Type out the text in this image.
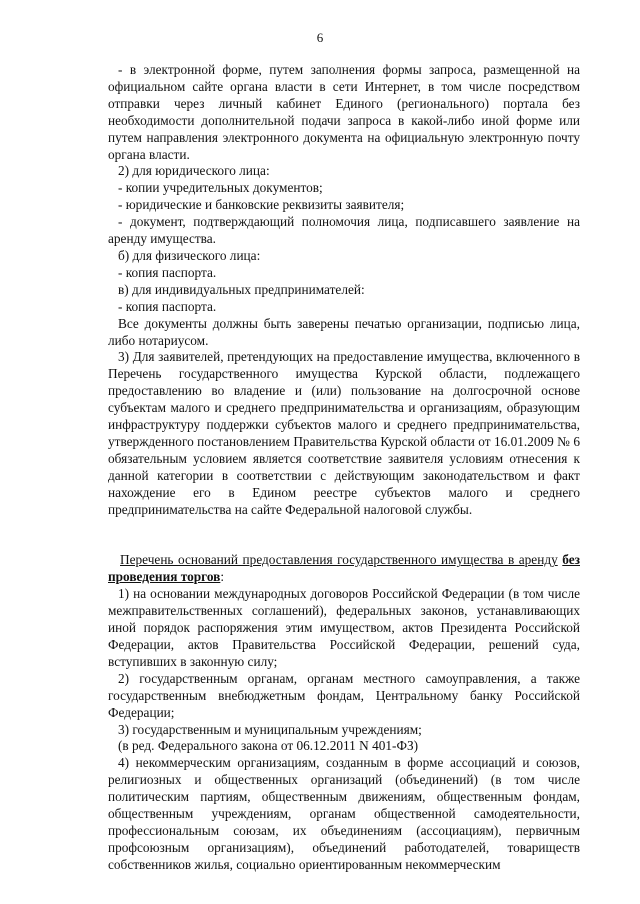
6

- в электронной форме, путем заполнения формы запроса, размещенной на официальном сайте органа власти в сети Интернет, в том числе посредством отправки через личный кабинет Единого (регионального) портала без необходимости дополнительной подачи запроса в какой-либо иной форме или путем направления электронного документа на официальную электронную почту органа власти.

2) для юридического лица:

- копии учредительных документов;

- юридические и банковские реквизиты заявителя;

- документ, подтверждающий полномочия лица, подписавшего заявление на аренду имущества.

б) для физического лица:

- копия паспорта.

в) для индивидуальных предпринимателей:

- копия паспорта.

Все документы должны быть заверены печатью организации, подписью лица, либо нотариусом.

3) Для заявителей, претендующих на предоставление имущества, включенного в Перечень государственного имущества Курской области, подлежащего предоставлению во владение и (или) пользование на долгосрочной основе субъектам малого и среднего предпринимательства и организациям, образующим инфраструктуру поддержки субъектов малого и среднего предпринимательства, утвержденного постановлением Правительства Курской области от 16.01.2009 № 6 обязательным условием является соответствие заявителя условиям отнесения к данной категории в соответствии с действующим законодательством и факт нахождение его в Едином реестре субъектов малого и среднего предпринимательства на сайте Федеральной налоговой службы.

Перечень оснований предоставления государственного имущества в аренду без проведения торгов:

1) на основании международных договоров Российской Федерации (в том числе межправительственных соглашений), федеральных законов, устанавливающих иной порядок распоряжения этим имуществом, актов Президента Российской Федерации, актов Правительства Российской Федерации, решений суда, вступивших в законную силу;

2) государственным органам, органам местного самоуправления, а также государственным внебюджетным фондам, Центральному банку Российской Федерации;

3) государственным и муниципальным учреждениям;

(в ред. Федерального закона от 06.12.2011 N 401-ФЗ)

4) некоммерческим организациям, созданным в форме ассоциаций и союзов, религиозных и общественных организаций (объединений) (в том числе политическим партиям, общественным движениям, общественным фондам, общественным учреждениям, органам общественной самодеятельности, профессиональным союзам, их объединениям (ассоциациям), первичным профсоюзным организациям), объединений работодателей, товариществ собственников жилья, социально ориентированным некоммерческим
